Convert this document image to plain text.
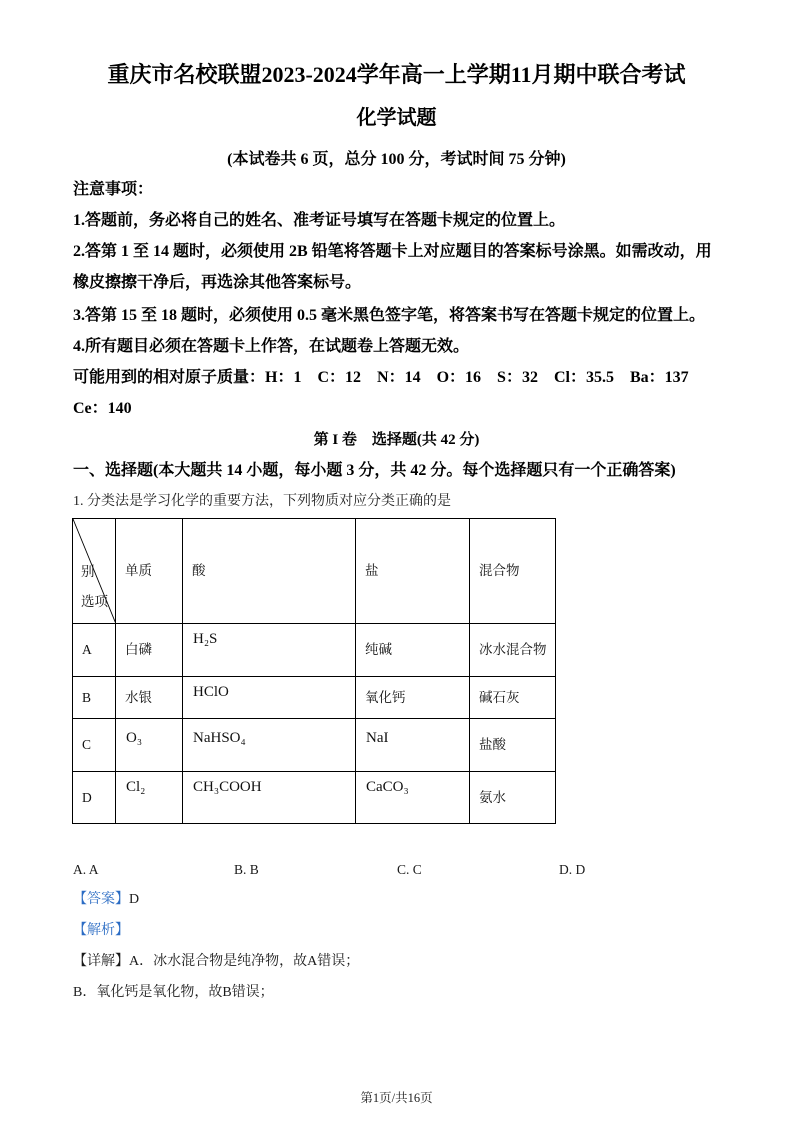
重庆市名校联盟2023-2024学年高一上学期11月期中联合考试
化学试题
(本试卷共 6 页，总分 100 分，考试时间 75 分钟)
注意事项：
1.答题前，务必将自己的姓名、准考证号填写在答题卡规定的位置上。
2.答第 1 至 14 题时，必须使用 2B 铅笔将答题卡上对应题目的答案标号涂黑。如需改动，用
橡皮擦擦干净后，再选涂其他答案标号。
3.答第 15 至 18 题时，必须使用 0.5 毫米黑色签字笔，将答案书写在答题卡规定的位置上。
4.所有题目必须在答题卡上作答，在试题卷上答题无效。
可能用到的相对原子质量： H：1 C：12 N：14 O：16 S：32 Cl：35.5 Ba：137
Ce：140
第 I 卷　选择题(共 42 分)
一、选择题(本大题共 14 小题，每小题 3 分，共 42 分。每个选择题只有一个正确答案)
1. 分类法是学习化学的重要方法，下列物质对应分类正确的是
别
选项	单质	酸	盐	混合物
A	白磷	H₂S	纯碱	冰水混合物
B	水银	HClO	氧化钙	碱石灰
C	O₃	NaHSO₄	NaI	盐酸
D	Cl₂	CH₃COOH	CaCO₃	氨水
A. A	B. B	C. C	D. D
【答案】D
【解析】
【详解】A．冰水混合物是纯净物，故A错误；
B．氧化钙是氧化物，故B错误；
第1页/共16页
